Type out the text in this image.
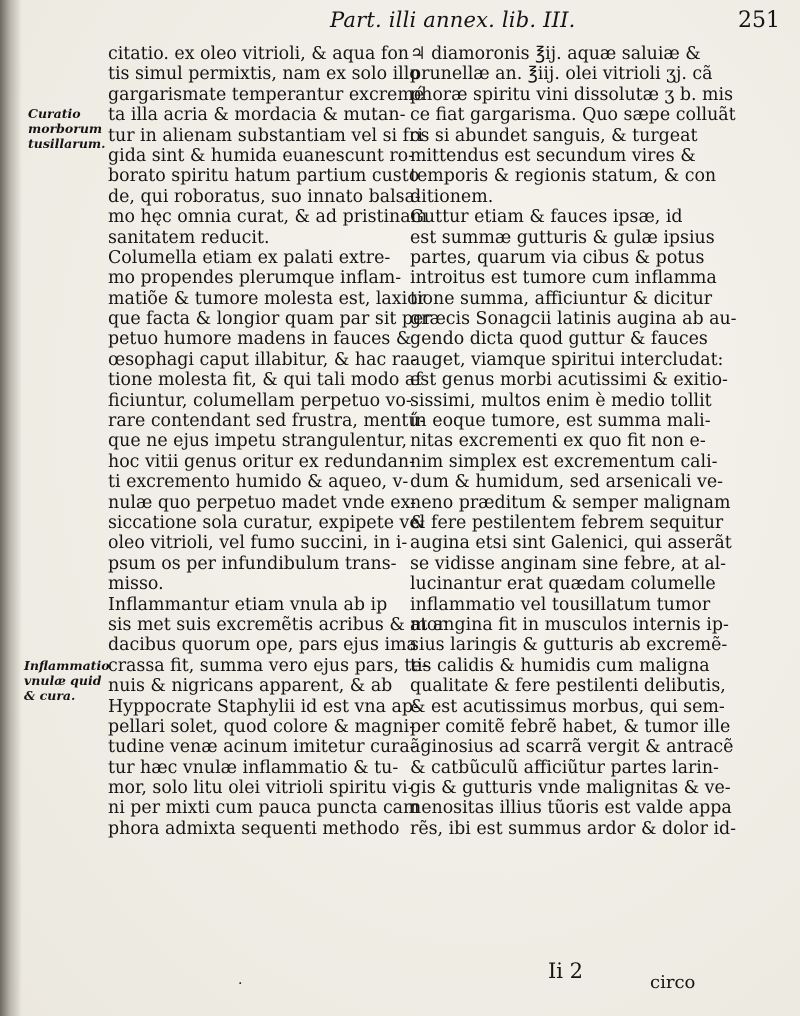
Part. illi annex. lib. III.	251
Curatio
morborum
tusillarum.
Inflammatio
vnulæ quid
& cura.
citatio. ex oleo vitrioli, & aqua fon
tis simul permixtis, nam ex solo illo
gargarismate temperantur excremé
ta illa acria & mordacia & mutan-
tur in alienam substantiam vel si fri
gida sint & humida euanescunt ro-
borato spiritu hatum partium custo
de, qui roboratus, suo innato balsa-
mo hęc omnia curat, & ad pristinam
sanitatem reducit.
Columella etiam ex palati extre-
mo propendes plerumque inflam-
matiõe & tumore molesta est, laxior
que facta & longior quam par sit per
petuo humore madens in fauces &
œsophagi caput illabitur, & hac ra-
tione molesta fit, & qui tali modo af
ficiuntur, columellam perpetuo vo-
rare contendant sed frustra, mentű-
que ne ejus impetu strangulentur,
hoc vitii genus oritur ex redundan-
ti excremento humido & aqueo, v-
nulæ quo perpetuo madet vnde ex-
siccatione sola curatur, expipete vel
oleo vitrioli, vel fumo succini, in i-
psum os per infundibulum trans-
misso.
Inflammantur etiam vnula ab ip
sis met suis excremẽtis acribus & mor
dacibus quorum ope, pars ejus ima
crassa fit, summa vero ejus pars, te-
nuis & nigricans apparent, & ab
Hyppocrate Staphylii id est vna ap-
pellari solet, quod colore & magni-
tudine venæ acinum imitetur cura-
tur hæc vnulæ inflammatio & tu-
mor, solo litu olei vitrioli spiritu vi-
ni per mixti cum pauca puncta cam
phora admixta sequenti methodo
♃ diamoronis ℥ij. aquæ saluiæ &
prunellæ an. ℥iij. olei vitrioli ʒj. cã
phoræ spiritu vini dissolutæ ʒ b. mis
ce fiat gargarisma. Quo sæpe colluãt
os si abundet sanguis, & turgeat
mittendus est secundum vires &
temporis & regionis statum, & con
ditionem.
Guttur etiam & fauces ipsæ, id
est summæ gutturis & gulæ ipsius
partes, quarum via cibus & potus
introitus est tumore cum inflamma
tione summa, afficiuntur & dicitur
græcis Sonagcii latinis augina ab au-
gendo dicta quod guttur & fauces
auget, viamque spiritui intercludat:
est genus morbi acutissimi & exitio-
sissimi, multos enim è medio tollit
in eoque tumore, est summa mali-
nitas excrementi ex quo fit non e-
nim simplex est excrementum cali-
dum & humidum, sed arsenicali ve-
neno præditum & semper malignam
& fere pestilentem febrem sequitur
augina etsi sint Galenici, qui asserãt
se vidisse anginam sine febre, at al-
lucinantur erat quædam columelle
inflammatio vel tousillatum tumor
at angina fit in musculos internis ip-
sius laringis & gutturis ab excremẽ-
tis calidis & humidis cum maligna
qualitate & fere pestilenti delibutis,
& est acutissimus morbus, qui sem-
per comitẽ febrẽ habet, & tumor ille
ãginosius ad scarrã vergit & antracẽ
& catbũculũ afficiũtur partes larin-
gis & gutturis vnde malignitas & ve-
nenositas illius tũoris est valde appa
rẽs, ibi est summus ardor & dolor id-
·
Ii 2	circo
